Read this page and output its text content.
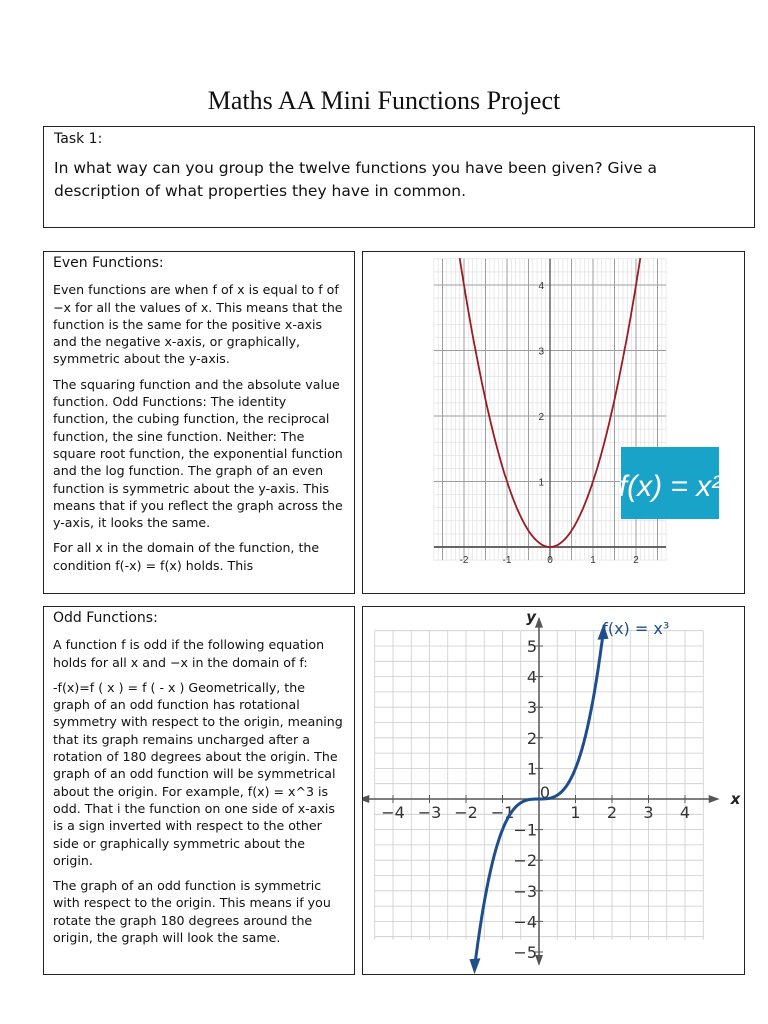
Maths AA Mini Functions Project
Task 1:
In what way can you group the twelve functions you have been given? Give a description of what properties they have in common.
Even Functions:

Even functions are when f of x is equal to f of −x for all the values of x. This means that the function is the same for the positive x-axis and the negative x-axis, or graphically, symmetric about the y-axis.

The squaring function and the absolute value function. Odd Functions: The identity function, the cubing function, the reciprocal function, the sine function. Neither: The square root function, the exponential function and the log function. The graph of an even function is symmetric about the y-axis. This means that if you reflect the graph across the y-axis, it looks the same.

For all x in the domain of the function, the condition f(-x) = f(x) holds. This	-2	-1	0	1	2
1
2
3
4
f(x) = x²
Odd Functions:

A function f is odd if the following equation holds for all x and −x in the domain of f:

-f(x)=f ( x ) = f ( - x ) Geometrically, the graph of an odd function has rotational symmetry with respect to the origin, meaning that its graph remains uncharged after a rotation of 180 degrees about the origin. The graph of an odd function will be symmetrical about the origin. For example, f(x) = x^3 is odd. That i the function on one side of x-axis is a sign inverted with respect to the other side or graphically symmetric about the origin.

The graph of an odd function is symmetric with respect to the origin. This means if you rotate the graph 180 degrees around the origin, the graph will look the same.

x
y
−4 −3 −2 −1
0
1 2 3 4
5
4
3
2
1
−1
−2
−3
−4
−5
f(x) = x³
